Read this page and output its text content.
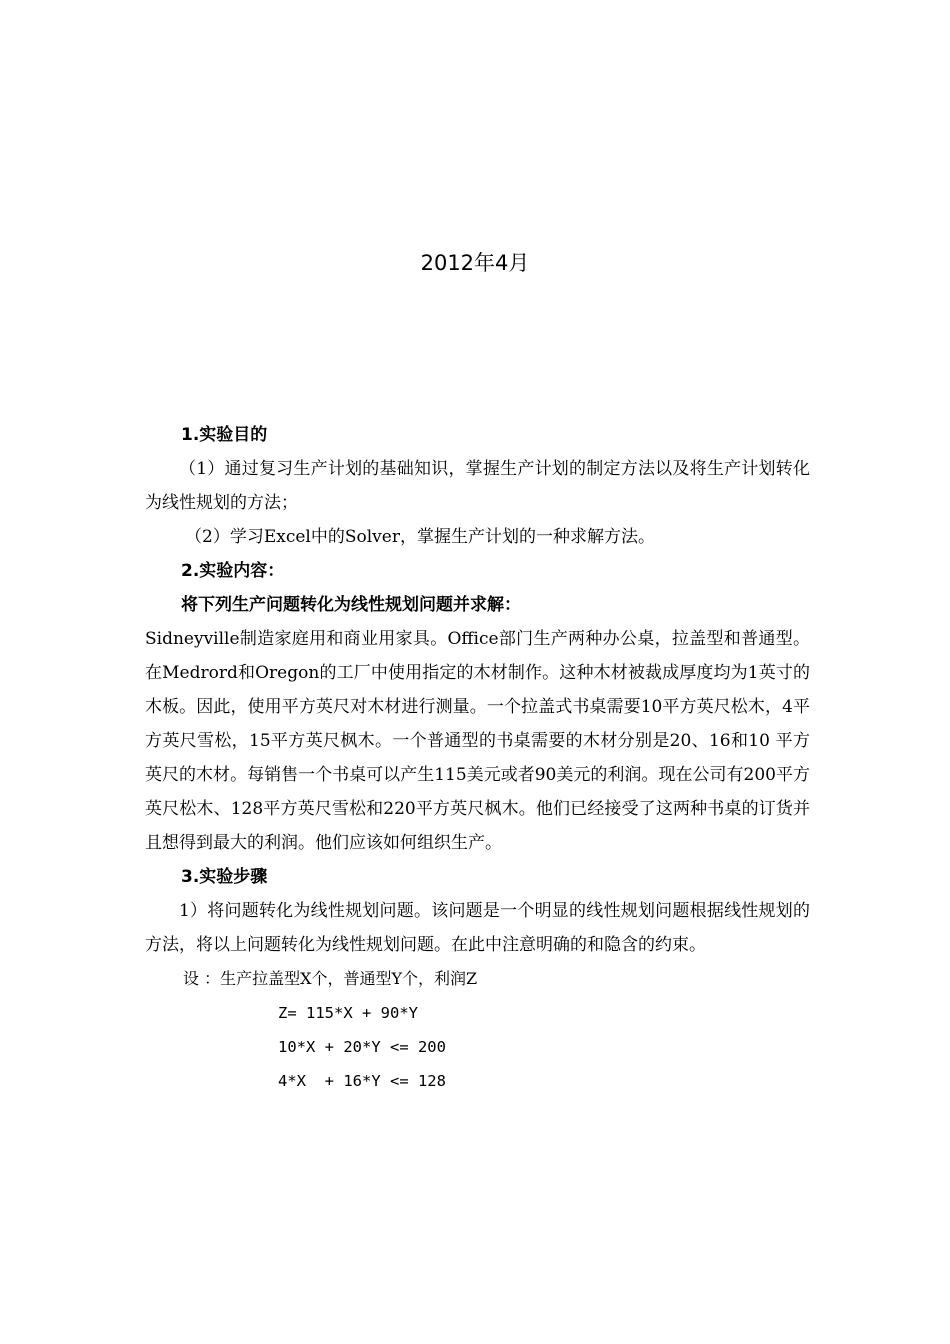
2012年4月
1.实验目的

（1）通过复习生产计划的基础知识，掌握生产计划的制定方法以及将生产计划转化为线性规划的方法；

（2）学习Excel中的Solver，掌握生产计划的一种求解方法。
2.实验内容：
将下列生产问题转化为线性规划问题并求解：

Sidneyville制造家庭用和商业用家具。Office部门生产两种办公桌，拉盖型和普通型。在Medrord和Oregon的工厂中使用指定的木材制作。这种木材被裁成厚度均为1英寸的木板。因此，使用平方英尺对木材进行测量。一个拉盖式书桌需要10平方英尺松木，4平方英尺雪松，15平方英尺枫木。一个普通型的书桌需要的木材分别是20、16和10 平方英尺的木材。每销售一个书桌可以产生115美元或者90美元的利润。现在公司有200平方英尺松木、128平方英尺雪松和220平方英尺枫木。他们已经接受了这两种书桌的订货并且想得到最大的利润。他们应该如何组织生产。

3.实验步骤

1）将问题转化为线性规划问题。该问题是一个明显的线性规划问题根据线性规划的方法，将以上问题转化为线性规划问题。在此中注意明确的和隐含的约束。

设 ：生产拉盖型X个，普通型Y个，利润Z
Z= 115*X + 90*Y
10*X + 20*Y <= 200
4*X  + 16*Y <= 128
